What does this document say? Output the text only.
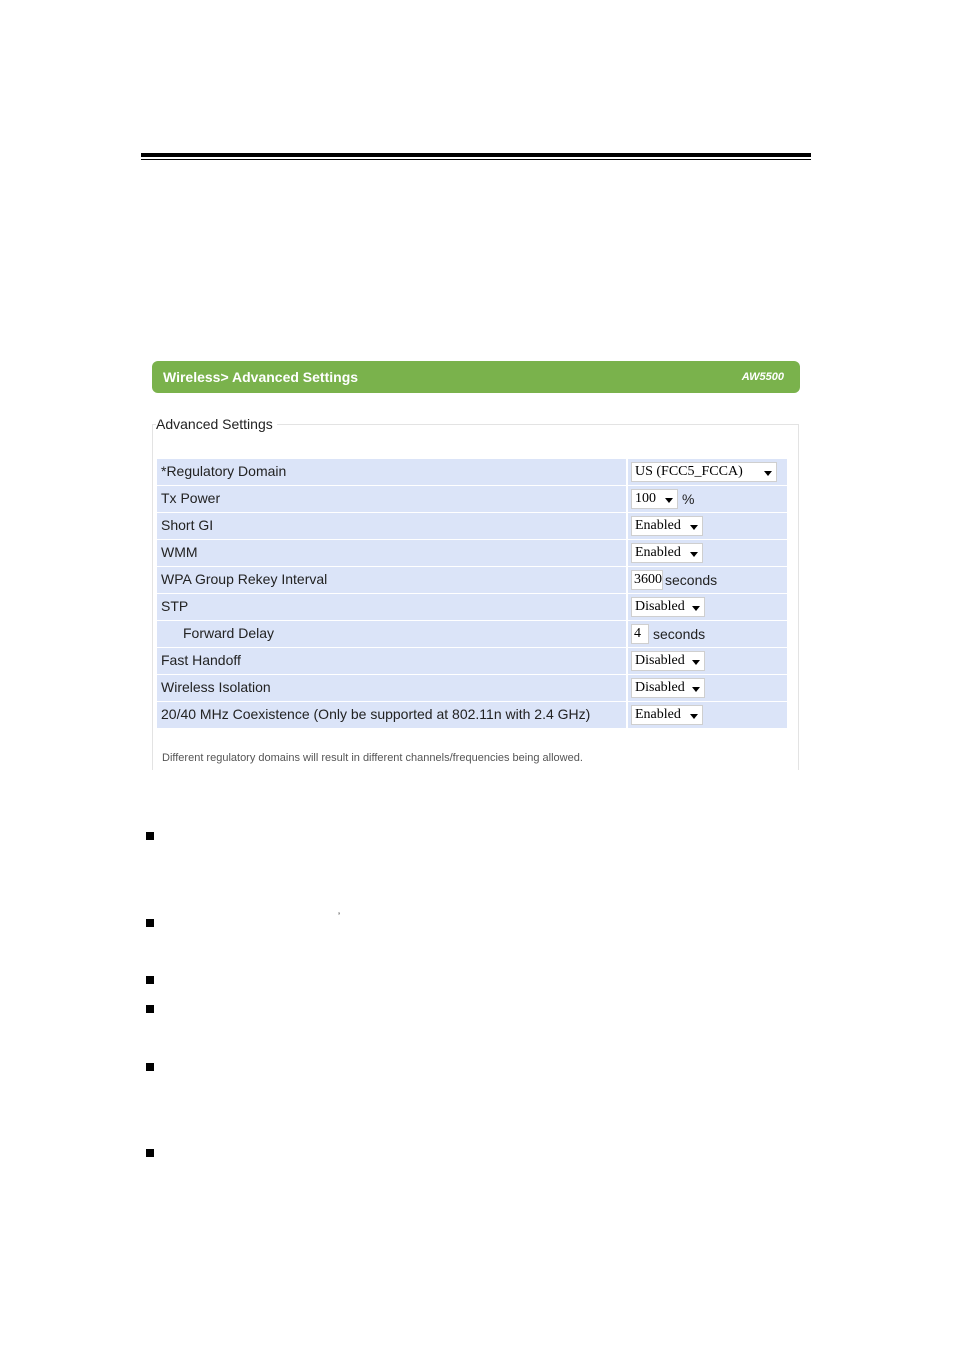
Wireless> Advanced Settings	AW5500
Advanced Settings
*Regulatory Domain	US (FCC5_FCCA)
Tx Power	100 %
Short GI	Enabled
WMM	Enabled
WPA Group Rekey Interval	3600 seconds
STP	Disabled
Forward Delay	4 seconds
Fast Handoff	Disabled
Wireless Isolation	Disabled
20/40 MHz Coexistence (Only be supported at 802.11n with 2.4 GHz)	Enabled
Different regulatory domains will result in different channels/frequencies being allowed.
’
